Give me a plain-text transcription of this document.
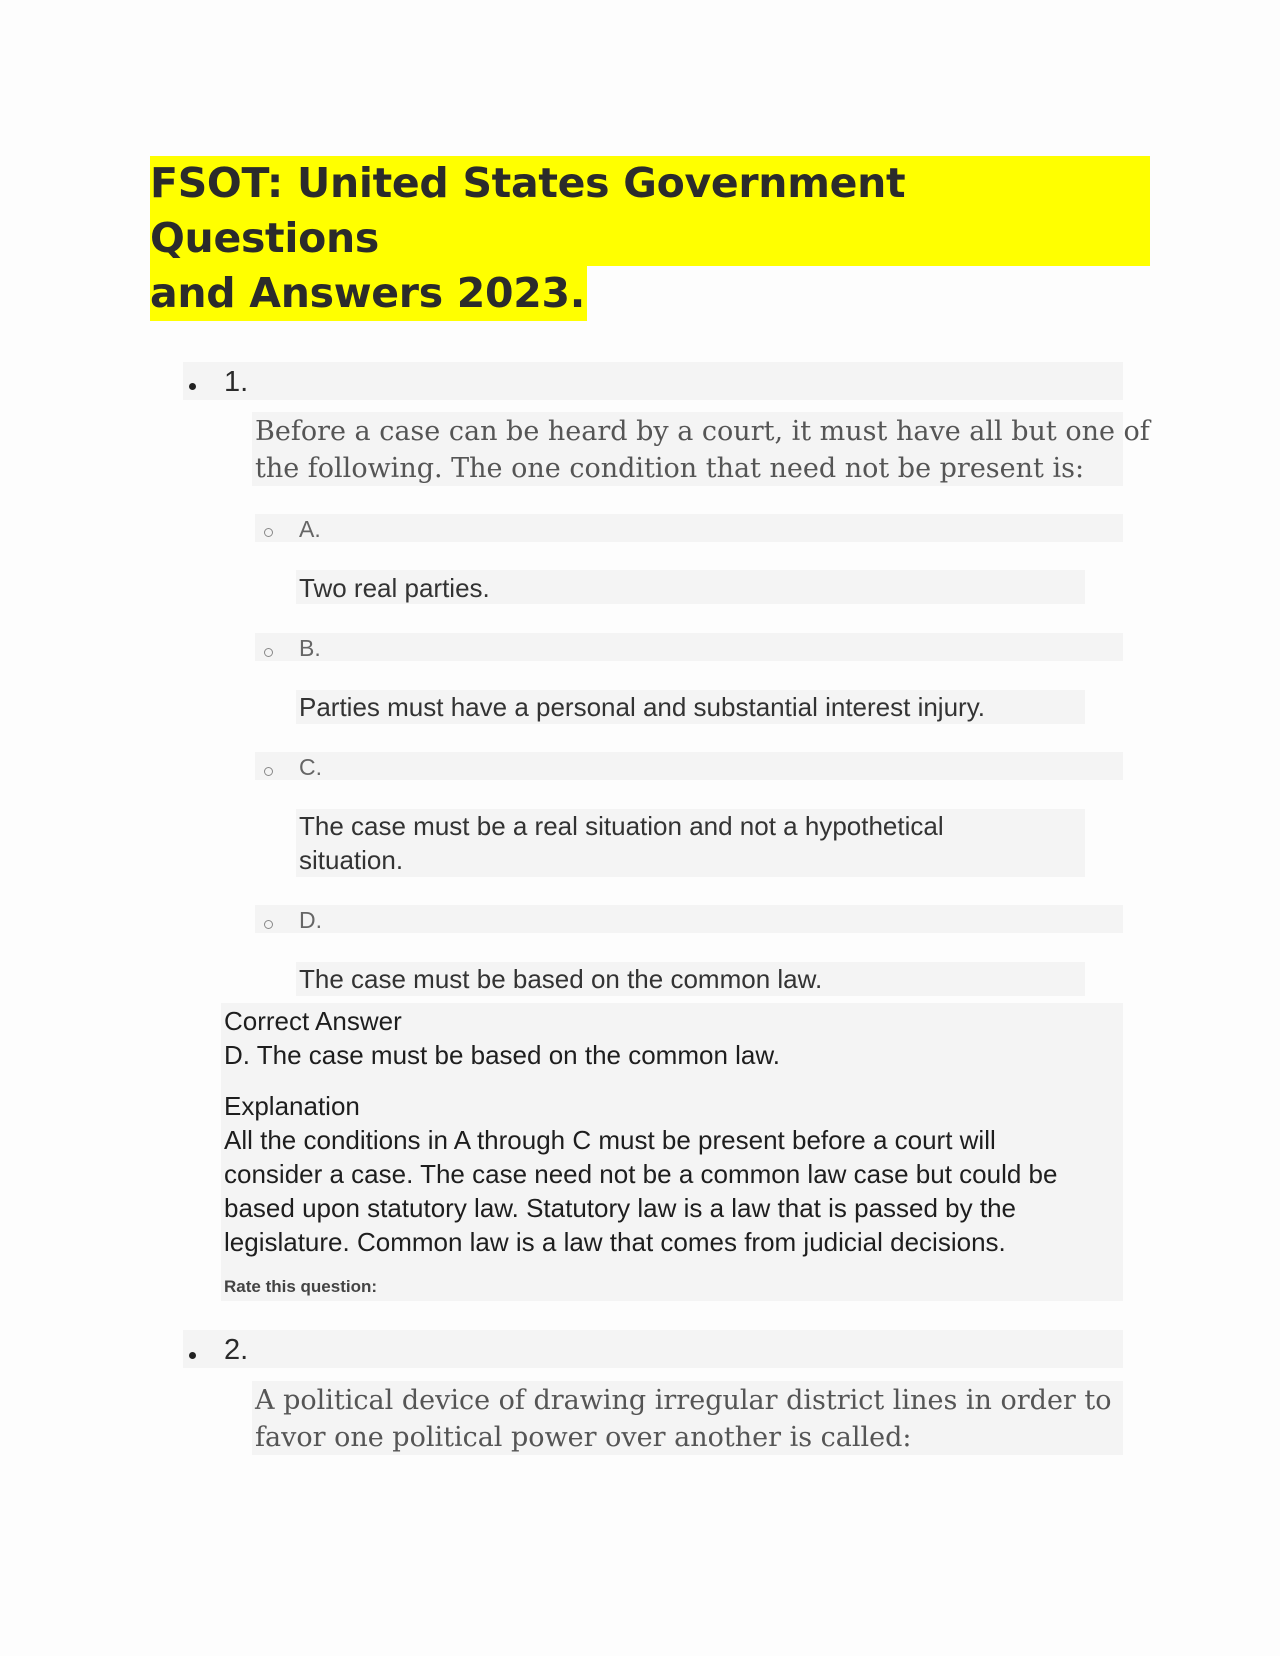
FSOT: United States Government Questions
and Answers 2023.
1.
Before a case can be heard by a court, it must have all but one of
the following. The one condition that need not be present is:
A.
Two real parties.
B.
Parties must have a personal and substantial interest injury.
C.
The case must be a real situation and not a hypothetical
situation.
D.
The case must be based on the common law.
Correct Answer
D. The case must be based on the common law.
Explanation
All the conditions in A through C must be present before a court will
consider a case. The case need not be a common law case but could be
based upon statutory law. Statutory law is a law that is passed by the
legislature. Common law is a law that comes from judicial decisions.
Rate this question:
2.
A political device of drawing irregular district lines in order to
favor one political power over another is called:
